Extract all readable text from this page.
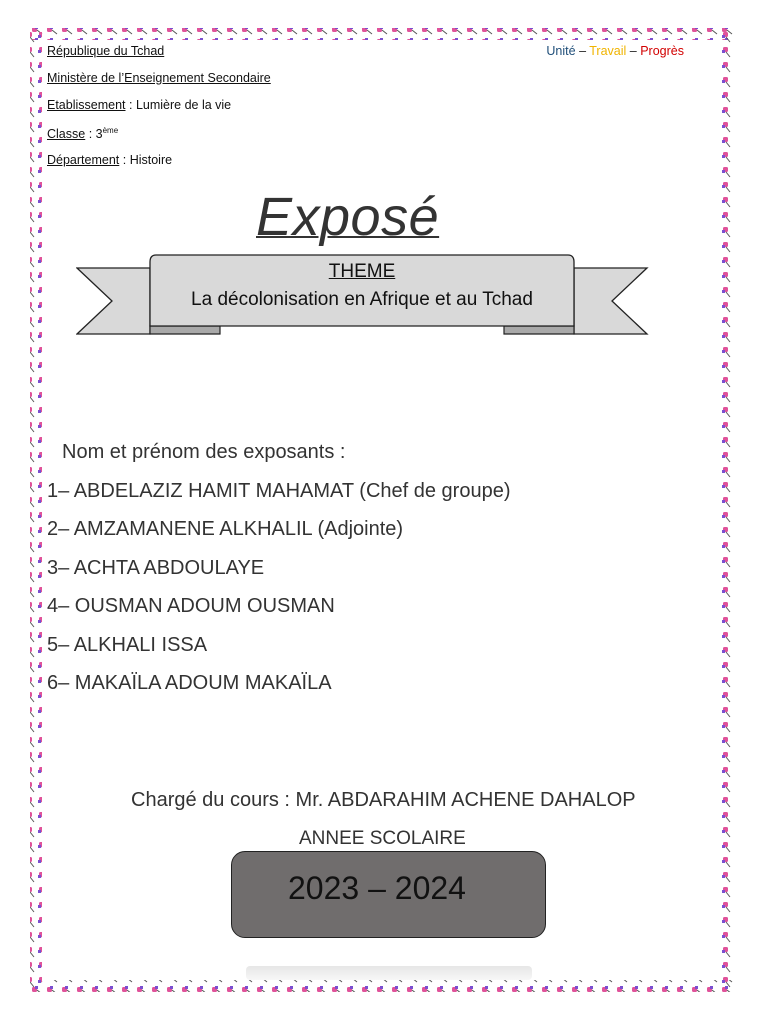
République du Tchad
Ministère de l’Enseignement Secondaire
Etablissement : Lumière de la vie
Classe : 3ème
Département : Histoire
Unité – Travail – Progrès
Exposé
THEME
La décolonisation en Afrique et au Tchad
Nom et prénom des exposants :
1– ABDELAZIZ HAMIT MAHAMAT (Chef de groupe)
2– AMZAMANENE ALKHALIL (Adjointe)
3– ACHTA ABDOULAYE
4– OUSMAN ADOUM OUSMAN
5– ALKHALI ISSA
6– MAKAÏLA ADOUM MAKAÏLA
Chargé du cours : Mr. ABDARAHIM ACHENE DAHALOP
ANNEE SCOLAIRE
2023 – 2024
